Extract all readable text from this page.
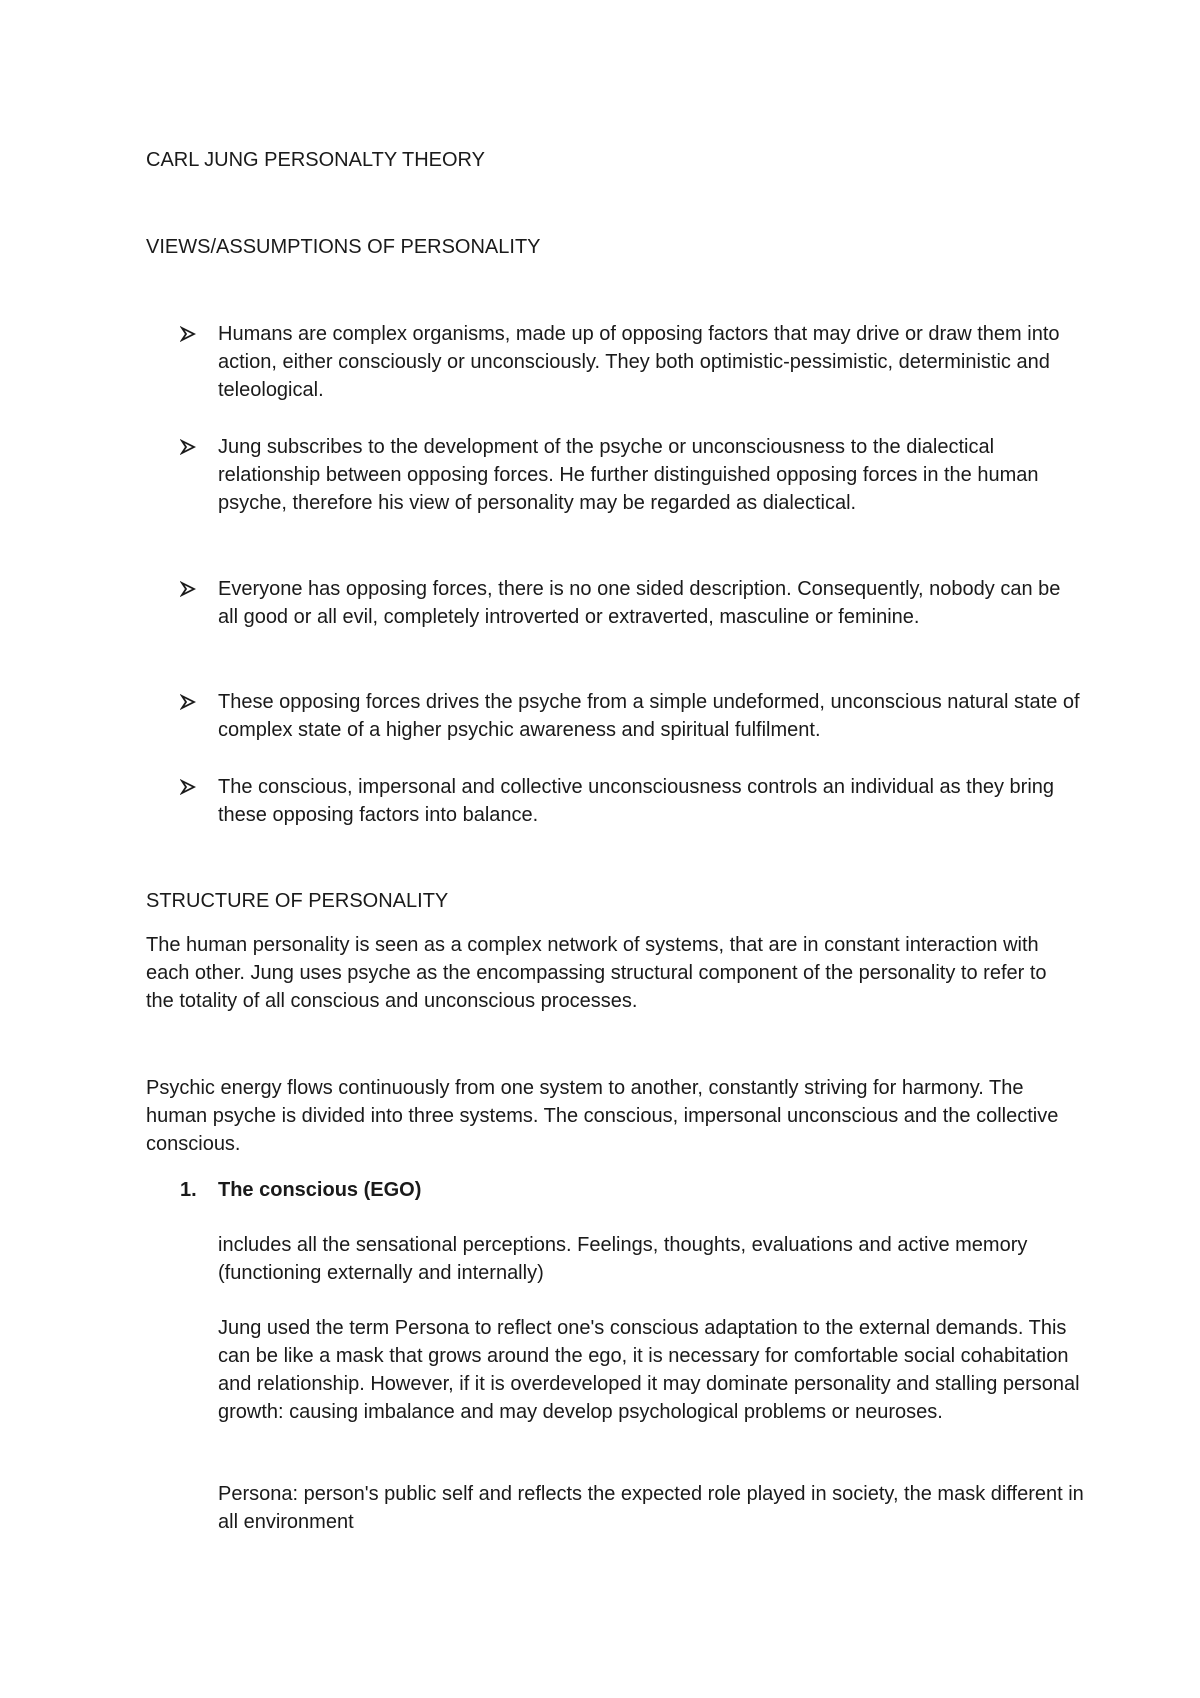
CARL JUNG PERSONALTY THEORY
VIEWS/ASSUMPTIONS OF PERSONALITY
Humans are complex organisms, made up of opposing factors that may drive or draw them into action, either consciously or unconsciously. They both optimistic-pessimistic, deterministic and teleological.
Jung subscribes to the development of the psyche or unconsciousness to the dialectical relationship between opposing forces. He further distinguished opposing forces in the human psyche, therefore his view of personality may be regarded as dialectical.
Everyone has opposing forces, there is no one sided description. Consequently, nobody can be all good or all evil, completely introverted or extraverted, masculine or feminine.
These opposing forces drives the psyche from a simple undeformed, unconscious natural state of complex state of a higher psychic awareness and spiritual fulfilment.
The conscious, impersonal and collective unconsciousness controls an individual as they bring these opposing factors into balance.
STRUCTURE OF PERSONALITY
The human personality is seen as a complex network of systems, that are in constant interaction with each other. Jung uses psyche as the encompassing structural component of the personality to refer to the totality of all conscious and unconscious processes.
Psychic energy flows continuously from one system to another, constantly striving for harmony. The human psyche is divided into three systems. The conscious, impersonal unconscious and the collective conscious.
1. The conscious (EGO)
includes all the sensational perceptions. Feelings, thoughts, evaluations and active memory (functioning externally and internally)
Jung used the term Persona to reflect one's conscious adaptation to the external demands. This can be like a mask that grows around the ego, it is necessary for comfortable social cohabitation and relationship. However, if it is overdeveloped it may dominate personality and stalling personal growth: causing imbalance and may develop psychological problems or neuroses.
Persona: person's public self and reflects the expected role played in society, the mask different in all environment
